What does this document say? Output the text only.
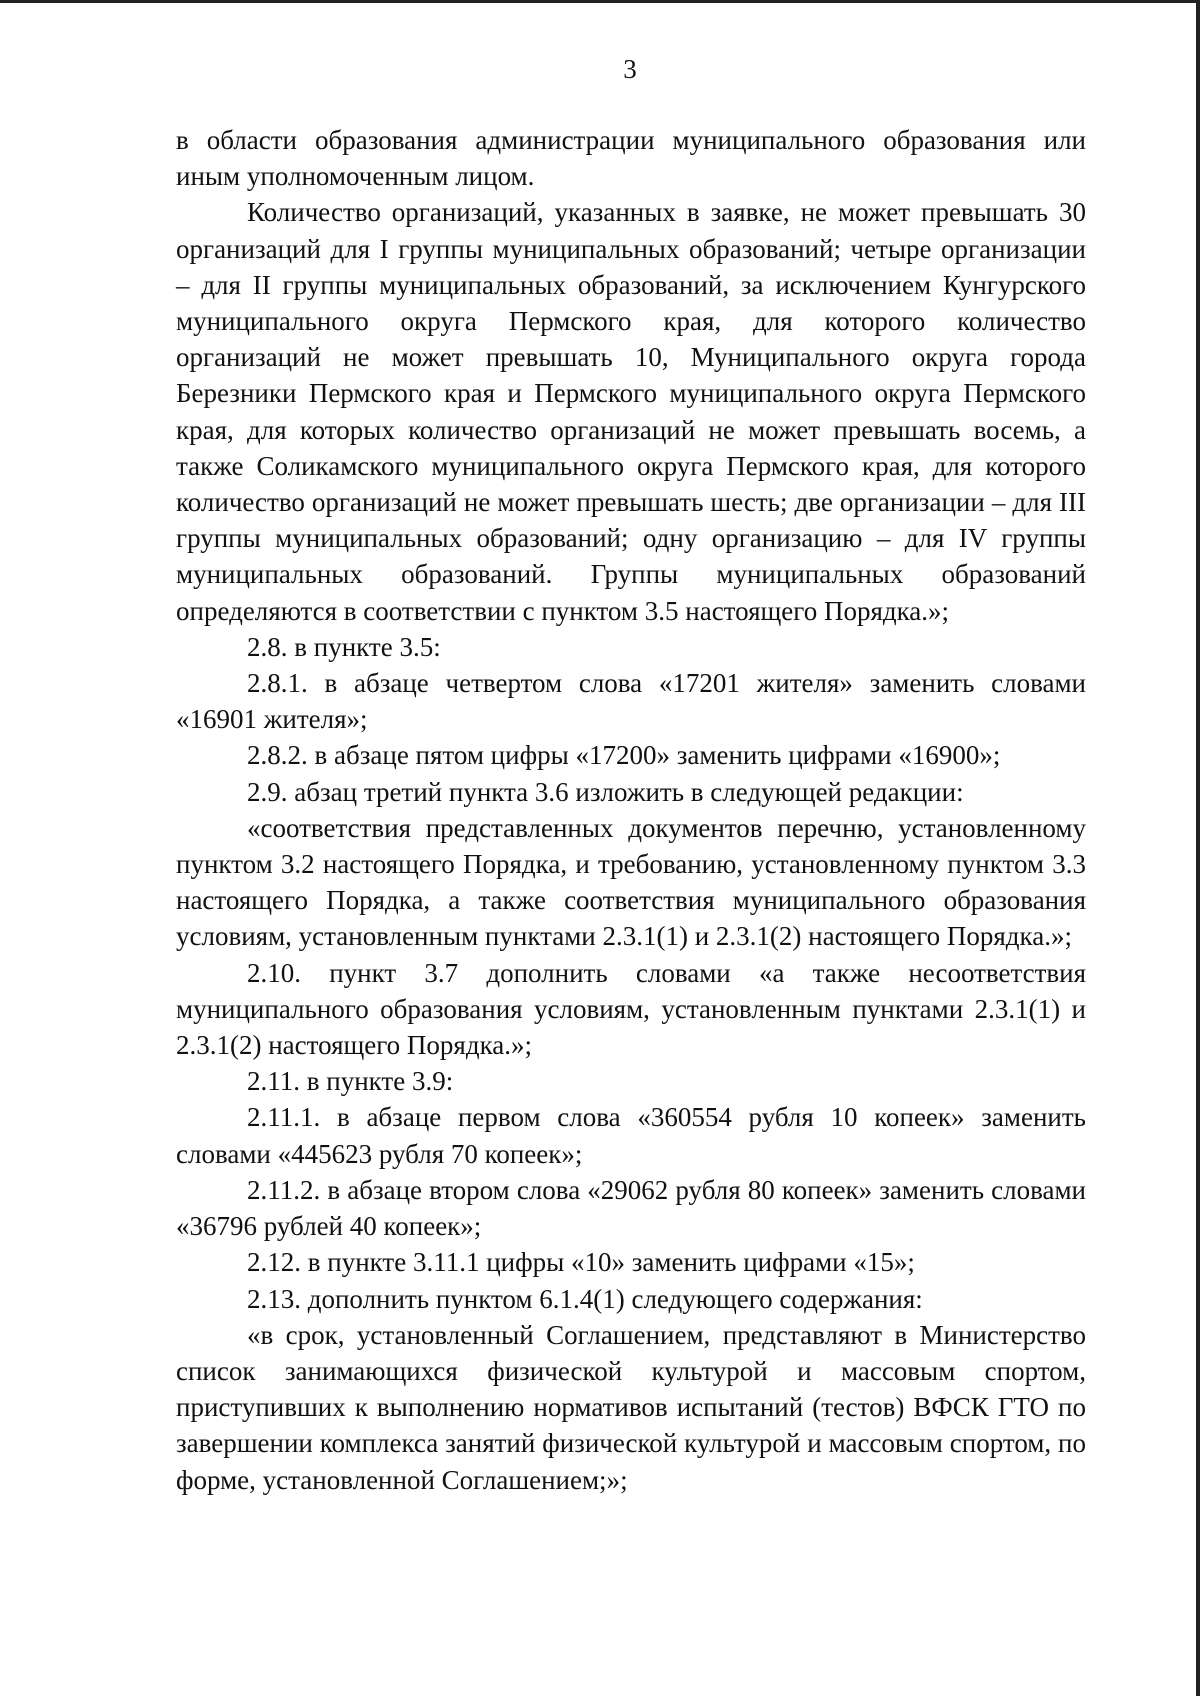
3

в области образования администрации муниципального образования или иным уполномоченным лицом.

Количество организаций, указанных в заявке, не может превышать 30 организаций для I группы муниципальных образований; четыре организации – для II группы муниципальных образований, за исключением Кунгурского муниципального округа Пермского края, для которого количество организаций не может превышать 10, Муниципального округа города Березники Пермского края и Пермского муниципального округа Пермского края, для которых количество организаций не может превышать восемь, а также Соликамского муниципального округа Пермского края, для которого количество организаций не может превышать шесть; две организации – для III группы муниципальных образований; одну организацию – для IV группы муниципальных образований. Группы муниципальных образований определяются в соответствии с пунктом 3.5 настоящего Порядка.»;

2.8. в пункте 3.5:

2.8.1. в абзаце четвертом слова «17201 жителя» заменить словами «16901 жителя»;

2.8.2. в абзаце пятом цифры «17200» заменить цифрами «16900»;

2.9. абзац третий пункта 3.6 изложить в следующей редакции:

«соответствия представленных документов перечню, установленному пунктом 3.2 настоящего Порядка, и требованию, установленному пунктом 3.3 настоящего Порядка, а также соответствия муниципального образования условиям, установленным пунктами 2.3.1(1) и 2.3.1(2) настоящего Порядка.»;

2.10. пункт 3.7 дополнить словами «а также несоответствия муниципального образования условиям, установленным пунктами 2.3.1(1) и 2.3.1(2) настоящего Порядка.»;

2.11. в пункте 3.9:

2.11.1. в абзаце первом слова «360554 рубля 10 копеек» заменить словами «445623 рубля 70 копеек»;

2.11.2. в абзаце втором слова «29062 рубля 80 копеек» заменить словами «36796 рублей 40 копеек»;

2.12. в пункте 3.11.1 цифры «10» заменить цифрами «15»;

2.13. дополнить пунктом 6.1.4(1) следующего содержания:

«в срок, установленный Соглашением, представляют в Министерство список занимающихся физической культурой и массовым спортом, приступивших к выполнению нормативов испытаний (тестов) ВФСК ГТО по завершении комплекса занятий физической культурой и массовым спортом, по форме, установленной Соглашением;»;
